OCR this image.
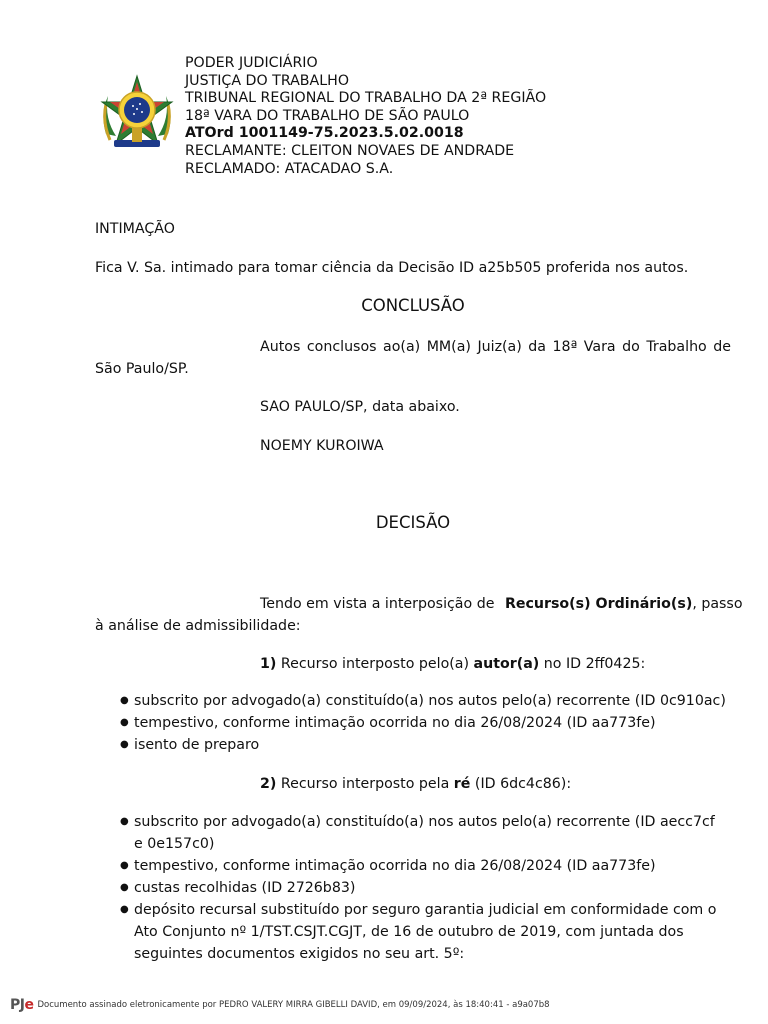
PODER JUDICIÁRIO
JUSTIÇA DO TRABALHO
TRIBUNAL REGIONAL DO TRABALHO DA 2ª REGIÃO
18ª VARA DO TRABALHO DE SÃO PAULO
ATOrd 1001149-75.2023.5.02.0018
RECLAMANTE: CLEITON NOVAES DE ANDRADE
RECLAMADO: ATACADAO S.A.
INTIMAÇÃO
Fica V. Sa. intimado para tomar ciência da Decisão ID a25b505 proferida nos autos.
CONCLUSÃO
Autos conclusos ao(a) MM(a) Juiz(a) da 18ª Vara do Trabalho de
São Paulo/SP.
SAO PAULO/SP, data abaixo.
NOEMY KUROIWA
DECISÃO
Tendo em vista a interposição de Recurso(s) Ordinário(s) , passo
à análise de admissibilidade:
1) Recurso interposto pelo(a) autor(a) no ID 2ff0425:
● subscrito por advogado(a) constituído(a) nos autos pelo(a) recorrente (ID 0c910ac)
● tempestivo, conforme intimação ocorrida no dia 26/08/2024 (ID aa773fe)
● isento de preparo
2) Recurso interposto pela ré (ID 6dc4c86):
● subscrito por advogado(a) constituído(a) nos autos pelo(a) recorrente (ID aecc7cf
e 0e157c0)
● tempestivo, conforme intimação ocorrida no dia 26/08/2024 (ID aa773fe)
● custas recolhidas (ID 2726b83)
● depósito recursal substituído por seguro garantia judicial em conformidade com o
Ato Conjunto nº 1/TST.CSJT.CGJT, de 16 de outubro de 2019, com juntada dos
seguintes documentos exigidos no seu art. 5º:
PJe Documento assinado eletronicamente por PEDRO VALERY MIRRA GIBELLI DAVID, em 09/09/2024, às 18:40:41 - a9a07b8
